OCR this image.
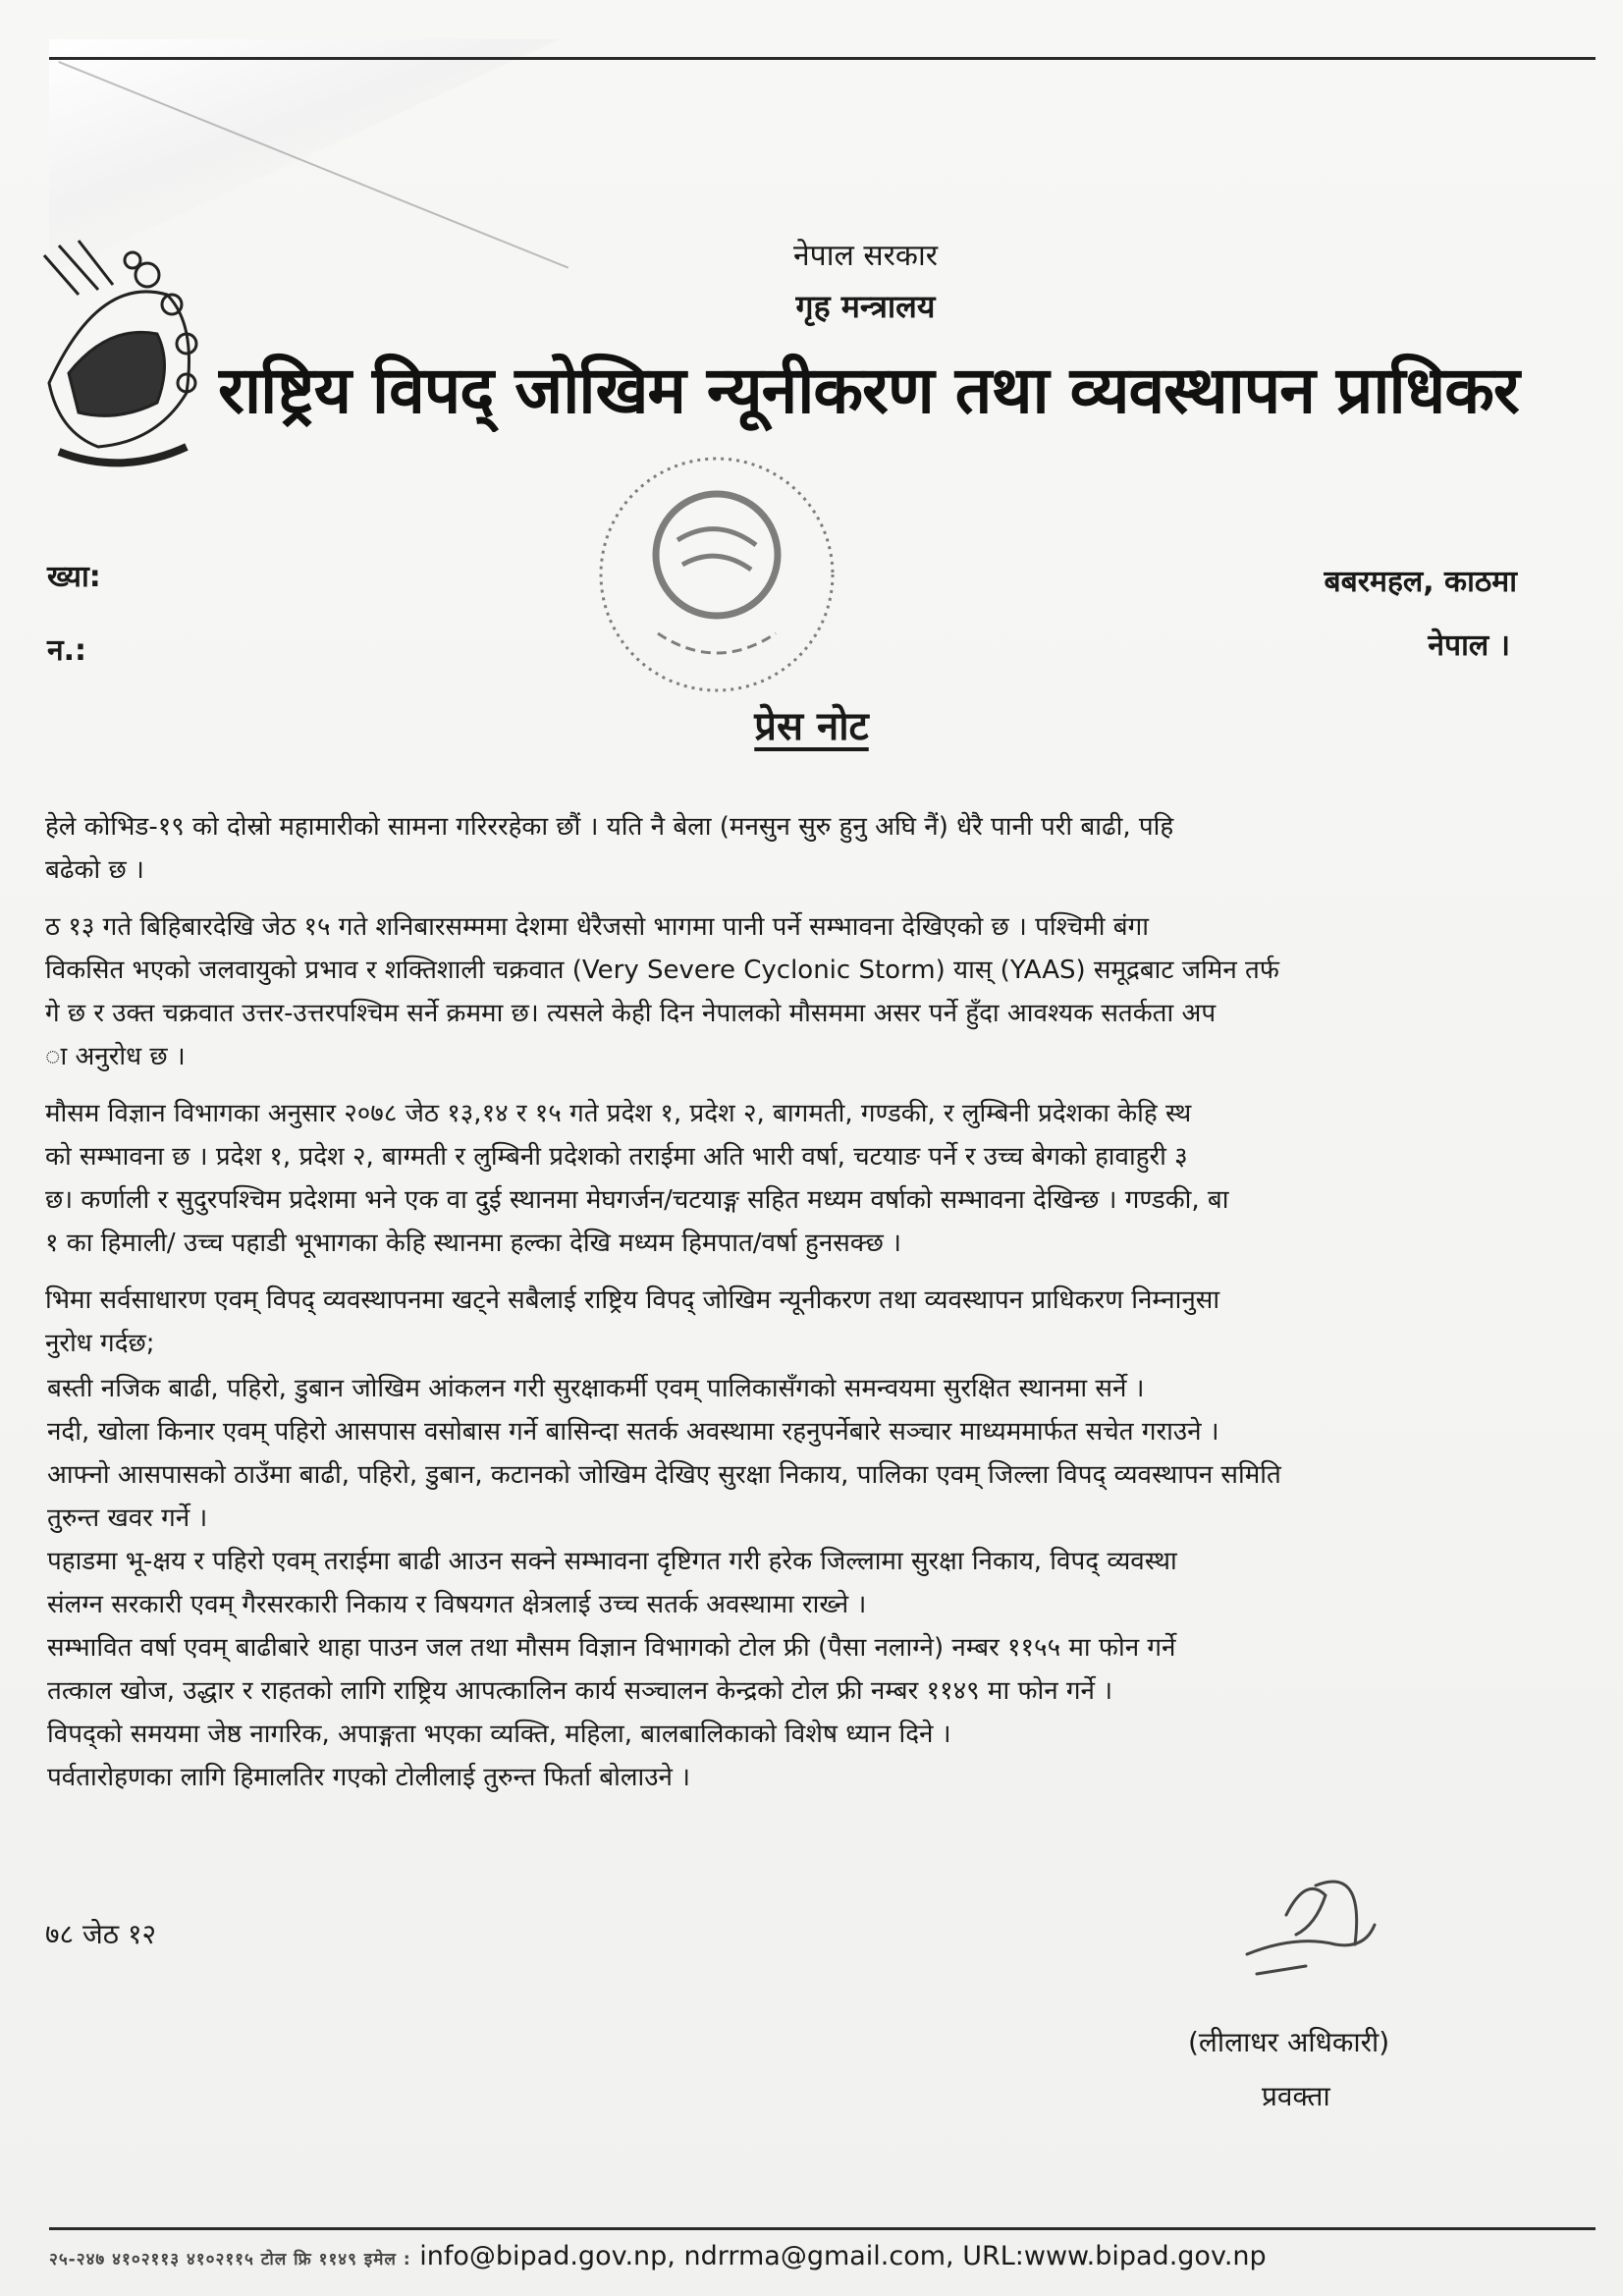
नेपाल सरकार
गृह मन्त्रालय
राष्ट्रिय विपद् जोखिम न्यूनीकरण तथा व्यवस्थापन प्राधिकर
ख्या:
न.:
बबरमहल, काठमा
नेपाल ।
प्रेस नोट
हेले कोभिड-१९ को दोस्रो महामारीको सामना गरिररहेका छौं । यति नै बेला (मनसुन सुरु हुनु अघि नैं) धेरै पानी परी बाढी, पहि
बढेको छ ।
ठ १३ गते बिहिबारदेखि जेठ १५ गते शनिबारसम्ममा देशमा धेरैजसो भागमा पानी पर्ने सम्भावना देखिएको छ । पश्चिमी बंगा
विकसित भएको जलवायुको प्रभाव र शक्तिशाली चक्रवात (Very Severe Cyclonic Storm) यास् (YAAS) समूद्रबाट जमिन तर्फ
गे छ र उक्त चक्रवात उत्तर-उत्तरपश्चिम सर्ने क्रममा छ। त्यसले केही दिन नेपालको मौसममा असर पर्ने हुँदा आवश्यक सतर्कता अप
ा अनुरोध छ ।
मौसम विज्ञान विभागका अनुसार २०७८ जेठ १३,१४ र १५ गते प्रदेश १, प्रदेश २, बागमती, गण्डकी, र लुम्बिनी प्रदेशका केहि स्थ
को सम्भावना छ । प्रदेश १, प्रदेश २, बाग्मती र लुम्बिनी प्रदेशको तराईमा अति भारी वर्षा, चटयाङ पर्ने र उच्च बेगको हावाहुरी ३
छ। कर्णाली र सुदुरपश्चिम प्रदेशमा भने एक वा दुई स्थानमा मेघगर्जन/चटयाङ्ग सहित मध्यम वर्षाको सम्भावना देखिन्छ । गण्डकी, बा
१ का हिमाली/ उच्च पहाडी भूभागका केहि स्थानमा हल्का देखि मध्यम हिमपात/वर्षा हुनसक्छ ।
भिमा सर्वसाधारण एवम् विपद् व्यवस्थापनमा खट्ने सबैलाई राष्ट्रिय विपद् जोखिम न्यूनीकरण तथा व्यवस्थापन प्राधिकरण निम्नानुसा
नुरोध गर्दछ;
बस्ती नजिक बाढी, पहिरो, डुबान जोखिम आंकलन गरी सुरक्षाकर्मी एवम् पालिकासँगको समन्वयमा सुरक्षित स्थानमा सर्ने ।
नदी, खोला किनार एवम् पहिरो आसपास वसोबास गर्ने बासिन्दा सतर्क अवस्थामा रहनुपर्नेबारे सञ्चार माध्यममार्फत सचेत गराउने ।
आफ्नो आसपासको ठाउँमा बाढी, पहिरो, डुबान, कटानको जोखिम देखिए सुरक्षा निकाय, पालिका एवम् जिल्ला विपद् व्यवस्थापन समिति
तुरुन्त खवर गर्ने ।
पहाडमा भू-क्षय र पहिरो एवम् तराईमा बाढी आउन सक्ने सम्भावना दृष्टिगत गरी हरेक जिल्लामा सुरक्षा निकाय, विपद् व्यवस्था
संलग्न सरकारी एवम् गैरसरकारी निकाय र विषयगत क्षेत्रलाई उच्च सतर्क अवस्थामा राख्ने ।
सम्भावित वर्षा एवम् बाढीबारे थाहा पाउन जल तथा मौसम विज्ञान विभागको टोल फ्री (पैसा नलाग्ने) नम्बर ११५५ मा फोन गर्ने
तत्काल खोज, उद्धार र राहतको लागि राष्ट्रिय आपत्कालिन कार्य सञ्चालन केन्द्रको टोल फ्री नम्बर ११४९ मा फोन गर्ने ।
विपद्को समयमा जेष्ठ नागरिक, अपाङ्गता भएका व्यक्ति, महिला, बालबालिकाको विशेष ध्यान दिने ।
पर्वतारोहणका लागि हिमालतिर गएको टोलीलाई तुरुन्त फिर्ता बोलाउने ।
७८ जेठ १२
(लीलाधर अधिकारी)
प्रवक्ता
२५-२४७ ४१०२११३ ४१०२११५ टोल फ्रि ११४९ इमेल : info@bipad.gov.np, ndrrma@gmail.com, URL:www.bipad.gov.np
